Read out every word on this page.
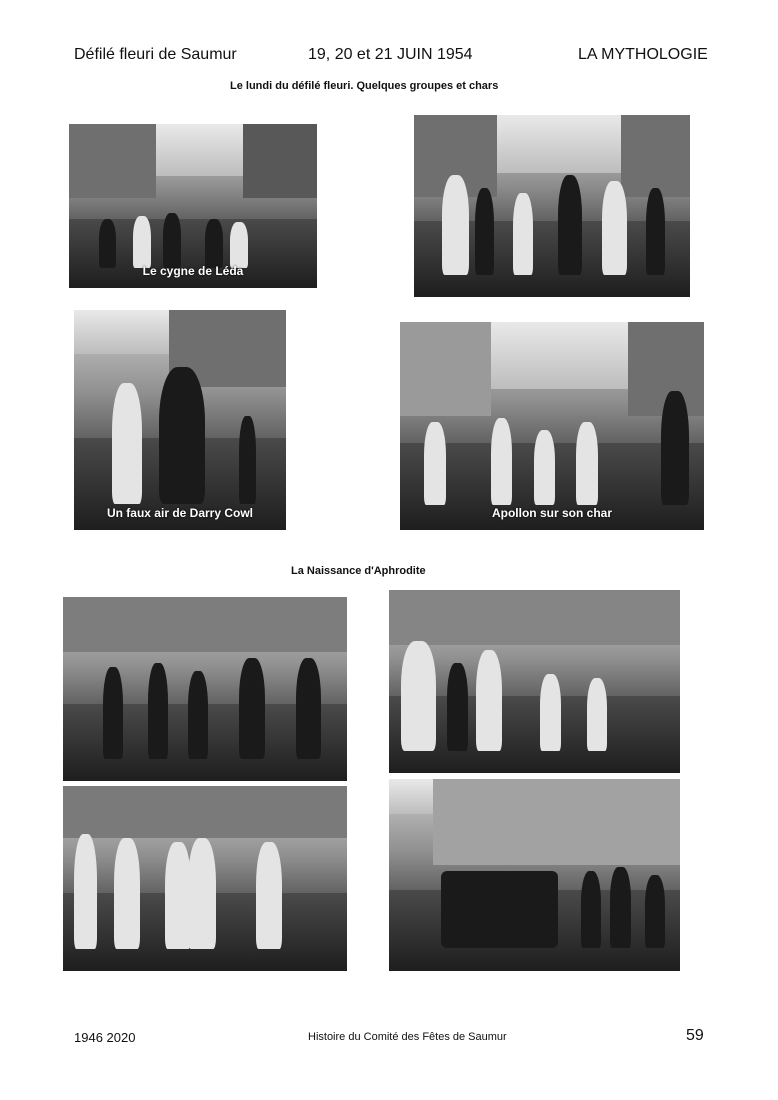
Défilé fleuri de Saumur	19, 20 et 21 JUIN 1954	LA MYTHOLOGIE
Le lundi du défilé fleuri. Quelques groupes et chars
Le cygne de Léda
Un faux air de Darry Cowl	Apollon sur son char
La Naissance d'Aphrodite
1946 2020	Histoire du Comité des Fêtes de Saumur	59
